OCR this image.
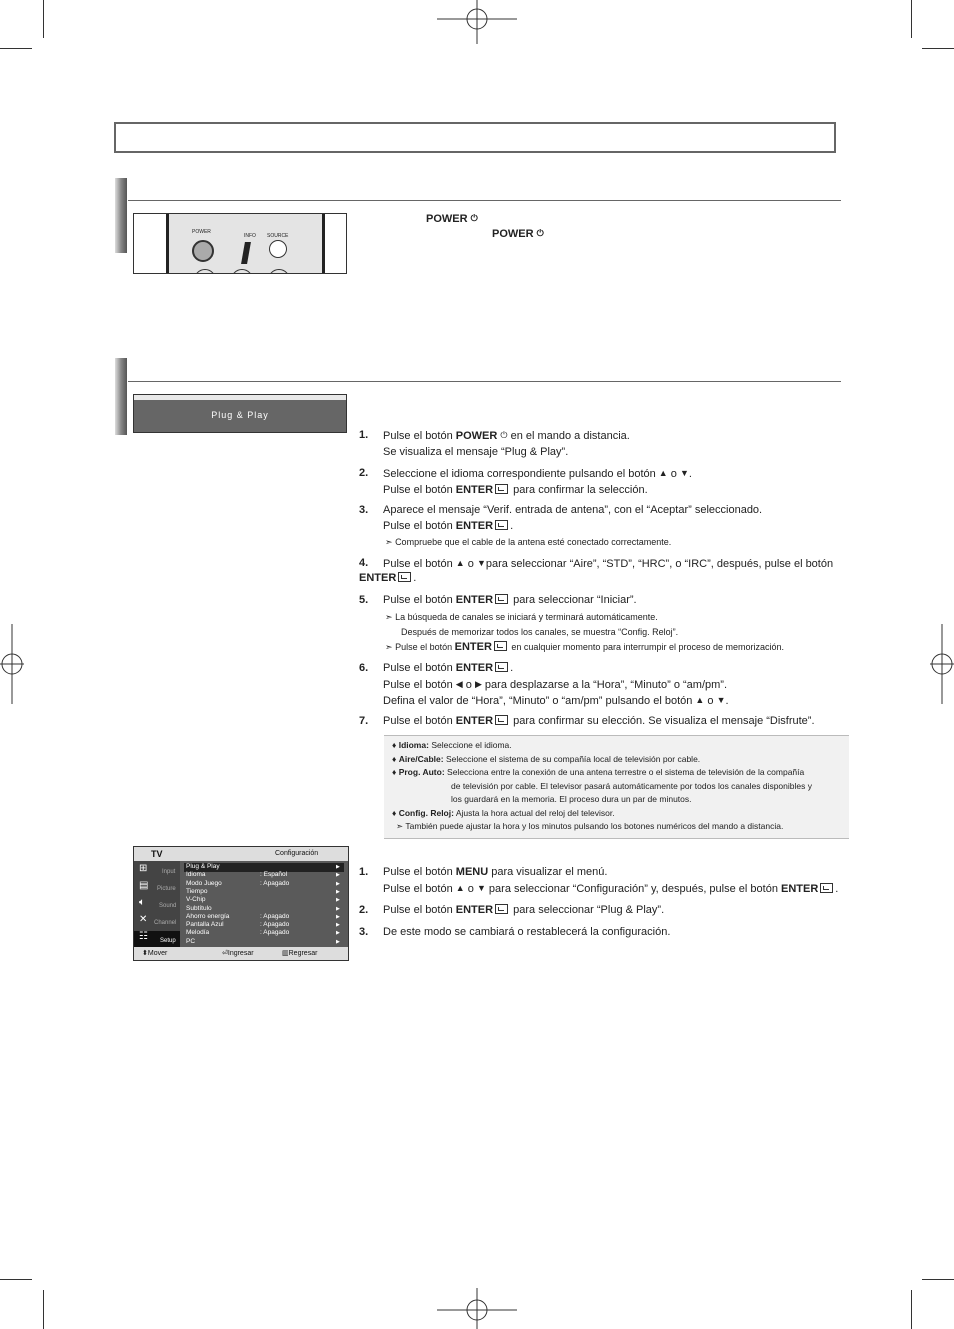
POWER
INFO SOURCE
POWER ⏻
POWER ⏻
Plug & Play
1. Pulse el botón POWER ⏻ en el mando a distancia.
Se visualiza el mensaje “Plug & Play”.
2. Seleccione el idioma correspondiente pulsando el botón ▲ o ▼.
Pulse el botón ENTER para confirmar la selección.
3. Aparece el mensaje “Verif. entrada de antena”, con el “Aceptar” seleccionado.
Pulse el botón ENTER .
➣ Compruebe que el cable de la antena esté conectado correctamente.
4. Pulse el botón ▲ o ▼para seleccionar “Aire”, “STD”, “HRC”, o “IRC”, después, pulse el botón
ENTER .
5. Pulse el botón ENTER para seleccionar “Iniciar”.
➣ La búsqueda de canales se iniciará y terminará automáticamente.
Después de memorizar todos los canales, se muestra “Config. Reloj”.
➣ Pulse el botón ENTER en cualquier momento para interrumpir el proceso de memorización.
6. Pulse el botón ENTER .
Pulse el botón ◀ o ▶ para desplazarse a la “Hora”, “Minuto” o “am/pm”.
Defina el valor de “Hora”, “Minuto” o “am/pm” pulsando el botón ▲ o ▼.
7. Pulse el botón ENTER para confirmar su elección. Se visualiza el mensaje “Disfrute”.
♦ Idioma: Seleccione el idioma.
♦ Aire/Cable: Seleccione el sistema de su compañía local de televisión por cable.
♦ Prog. Auto: Selecciona entre la conexión de una antena terrestre o el sistema de televisión de la compañía
de televisión por cable. El televisor pasará automáticamente por todos los canales disponibles y
los guardará en la memoria. El proceso dura un par de minutos.
♦ Config. Reloj: Ajusta la hora actual del reloj del televisor.
➣ También puede ajustar la hora y los minutos pulsando los botones numéricos del mando a distancia.
TV	Configuración
⊞ Input
▤ Picture
🔈︎ Sound
✕ Channel
☷ Setup
Plug & Play	▶
Idioma	: Español	▶
Modo Juego	: Apagado	▶
Tiempo	▶
V-Chip	▶
Subtítulo	▶
Ahorro energía	: Apagado	▶
Pantalla Azul	: Apagado	▶
Melodía	: Apagado	▶
PC	▶
⬍Mover	⏎Ingresar	▥Regresar
1. Pulse el botón MENU para visualizar el menú.
Pulse el botón ▲ o ▼ para seleccionar “Configuración” y, después, pulse el botón ENTER .
2. Pulse el botón ENTER para seleccionar “Plug & Play”.
3. De este modo se cambiará o restablecerá la configuración.
